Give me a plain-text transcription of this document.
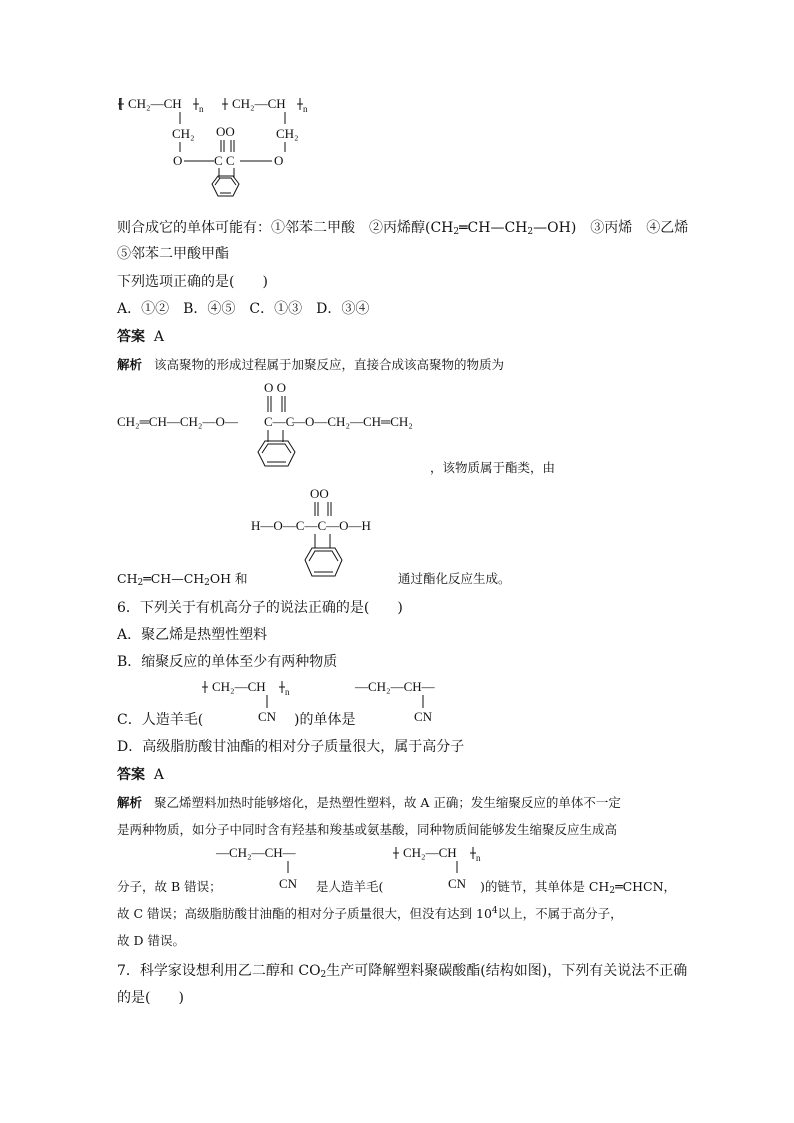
⁅ CH₂—CH n CH₂—CH n
CH₂	CH₂
OO
O C C	O
则合成它的单体可能有：①邻苯二甲酸　②丙烯醇$(CH_2═CH—CH_2—OH)$　③丙烯　④乙烯
⑤邻苯二甲酸甲酯
下列选项正确的是(　　)
A．①②　B．④⑤　C．①③　D．③④
答案 A
解析 该高聚物的形成过程属于加聚反应，直接合成该高聚物的物质为
CH₂═CH—CH₂—O—
O O
C—C
—O—CH₂—CH═CH₂
，该物质属于酯类，由
OO
H—O—C—C—O—H
$CH_2═CH—CH_2OH$ 和	通过酯化反应生成。
6．下列关于有机高分子的说法正确的是(　　)
A．聚乙烯是热塑性塑料
B．缩聚反应的单体至少有两种物质
CH₂—CH n
CN
—CH₂—CH—
CN
C．人造羊毛(	)的单体是
D．高级脂肪酸甘油酯的相对分子质量很大，属于高分子
答案 A
解析 聚乙烯塑料加热时能够熔化，是热塑性塑料，故 A 正确；发生缩聚反应的单体不一定
是两种物质，如分子中同时含有羟基和羧基或氨基酸，同种物质间能够发生缩聚反应生成高
—CH₂—CH—
CN
CH₂—CH n
CN
分子，故 B 错误；	是人造羊毛(	)的链节，其单体是 $CH_2═CHCN$，
故 C 错误；高级脂肪酸甘油酯的相对分子质量很大，但没有达到 $10^4$以上，不属于高分子，
故 D 错误。
7．科学家设想利用乙二醇和 $CO_2$生产可降解塑料聚碳酸酯(结构如图)，下列有关说法不正确
的是(　　)
